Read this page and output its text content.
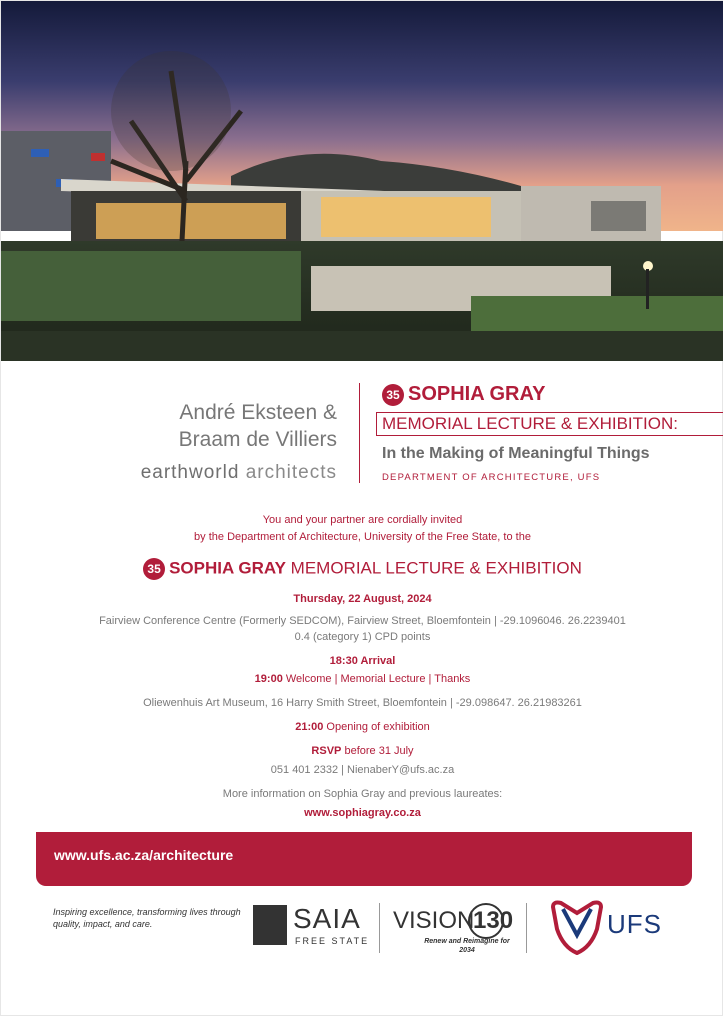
André Eksteen &
Braam de Villiers
earthworld architects
35 SOPHIA GRAY
MEMORIAL LECTURE & EXHIBITION:
In the Making of Meaningful Things
DEPARTMENT OF ARCHITECTURE, UFS
You and your partner are cordially invited
by the Department of Architecture, University of the Free State, to the
35 SOPHIA GRAY MEMORIAL LECTURE & EXHIBITION
Thursday, 22 August, 2024
Fairview Conference Centre (Formerly SEDCOM), Fairview Street, Bloemfontein | -29.1096046. 26.2239401
0.4 (category 1) CPD points
18:30 Arrival
19:00 Welcome | Memorial Lecture | Thanks
Oliewenhuis Art Museum, 16 Harry Smith Street, Bloemfontein | -29.098647. 26.21983261
21:00 Opening of exhibition
RSVP before 31 July
051 401 2332 | NienaberY@ufs.ac.za
More information on Sophia Gray and previous laureates:
www.sophiagray.co.za
www.ufs.ac.za/architecture
Inspiring excellence, transforming lives through quality, impact, and care.	SAIA
FREE STATE
VISION
130
Renew and Reimagine for 2034
UFS
